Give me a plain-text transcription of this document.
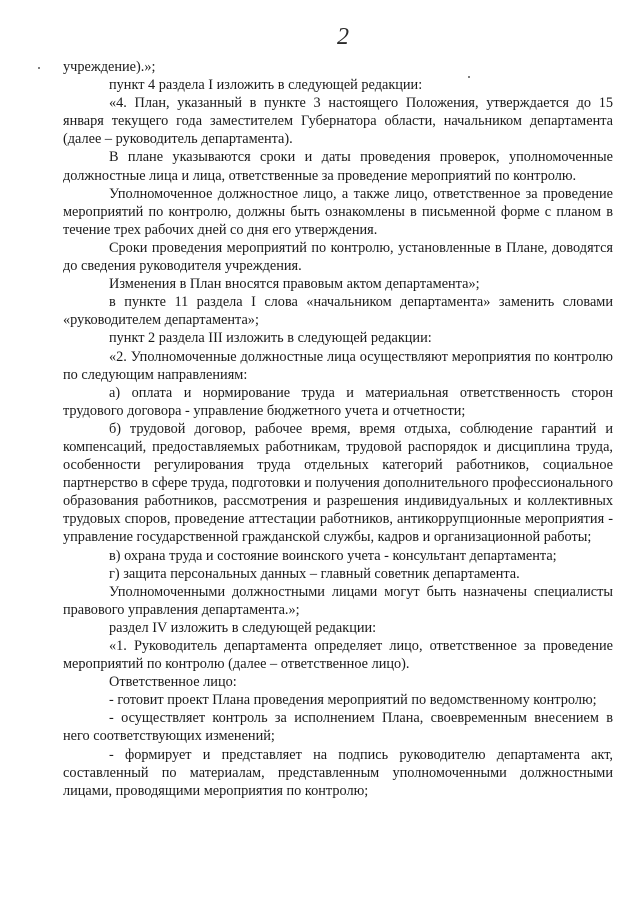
2

учреждение).»;

пункт 4 раздела I изложить в следующей редакции:

«4. План, указанный в пункте 3 настоящего Положения, утверждается до 15 января текущего года заместителем Губернатора области, начальником департамента (далее – руководитель департамента).

В плане указываются сроки и даты проведения проверок, уполномоченные должностные лица и лица, ответственные за проведение мероприятий по контролю.

Уполномоченное должностное лицо, а также лицо, ответственное за проведение мероприятий по контролю, должны быть ознакомлены в письменной форме с планом в течение трех рабочих дней со дня его утверждения.

Сроки проведения мероприятий по контролю, установленные в Плане, доводятся до сведения руководителя учреждения.

Изменения в План вносятся правовым актом департамента»;

в пункте 11 раздела I слова «начальником департамента» заменить словами «руководителем департамента»;

пункт 2 раздела III изложить в следующей редакции:

«2. Уполномоченные должностные лица осуществляют мероприятия по контролю по следующим направлениям:

а) оплата и нормирование труда и материальная ответственность сторон трудового договора - управление бюджетного учета и отчетности;

б) трудовой договор, рабочее время, время отдыха, соблюдение гарантий и компенсаций, предоставляемых работникам, трудовой распорядок и дисциплина труда, особенности регулирования труда отдельных категорий работников, социальное партнерство в сфере труда, подготовки и получения дополнительного профессионального образования работников, рассмотрения и разрешения индивидуальных и коллективных трудовых споров, проведение аттестации работников, антикоррупционные мероприятия - управление государственной гражданской службы, кадров и организационной работы;

в) охрана труда и состояние воинского учета - консультант департамента;

г) защита персональных данных – главный советник департамента.

Уполномоченными должностными лицами могут быть назначены специалисты правового управления департамента.»;

раздел IV изложить в следующей редакции:

«1. Руководитель департамента определяет лицо, ответственное за проведение мероприятий по контролю (далее – ответственное лицо).

Ответственное лицо:

- готовит проект Плана проведения мероприятий по ведомственному контролю;

- осуществляет контроль за исполнением Плана, своевременным внесением в него соответствующих изменений;

- формирует и представляет на подпись руководителю департамента акт, составленный по материалам, представленным уполномоченными должностными лицами, проводящими мероприятия по контролю;
